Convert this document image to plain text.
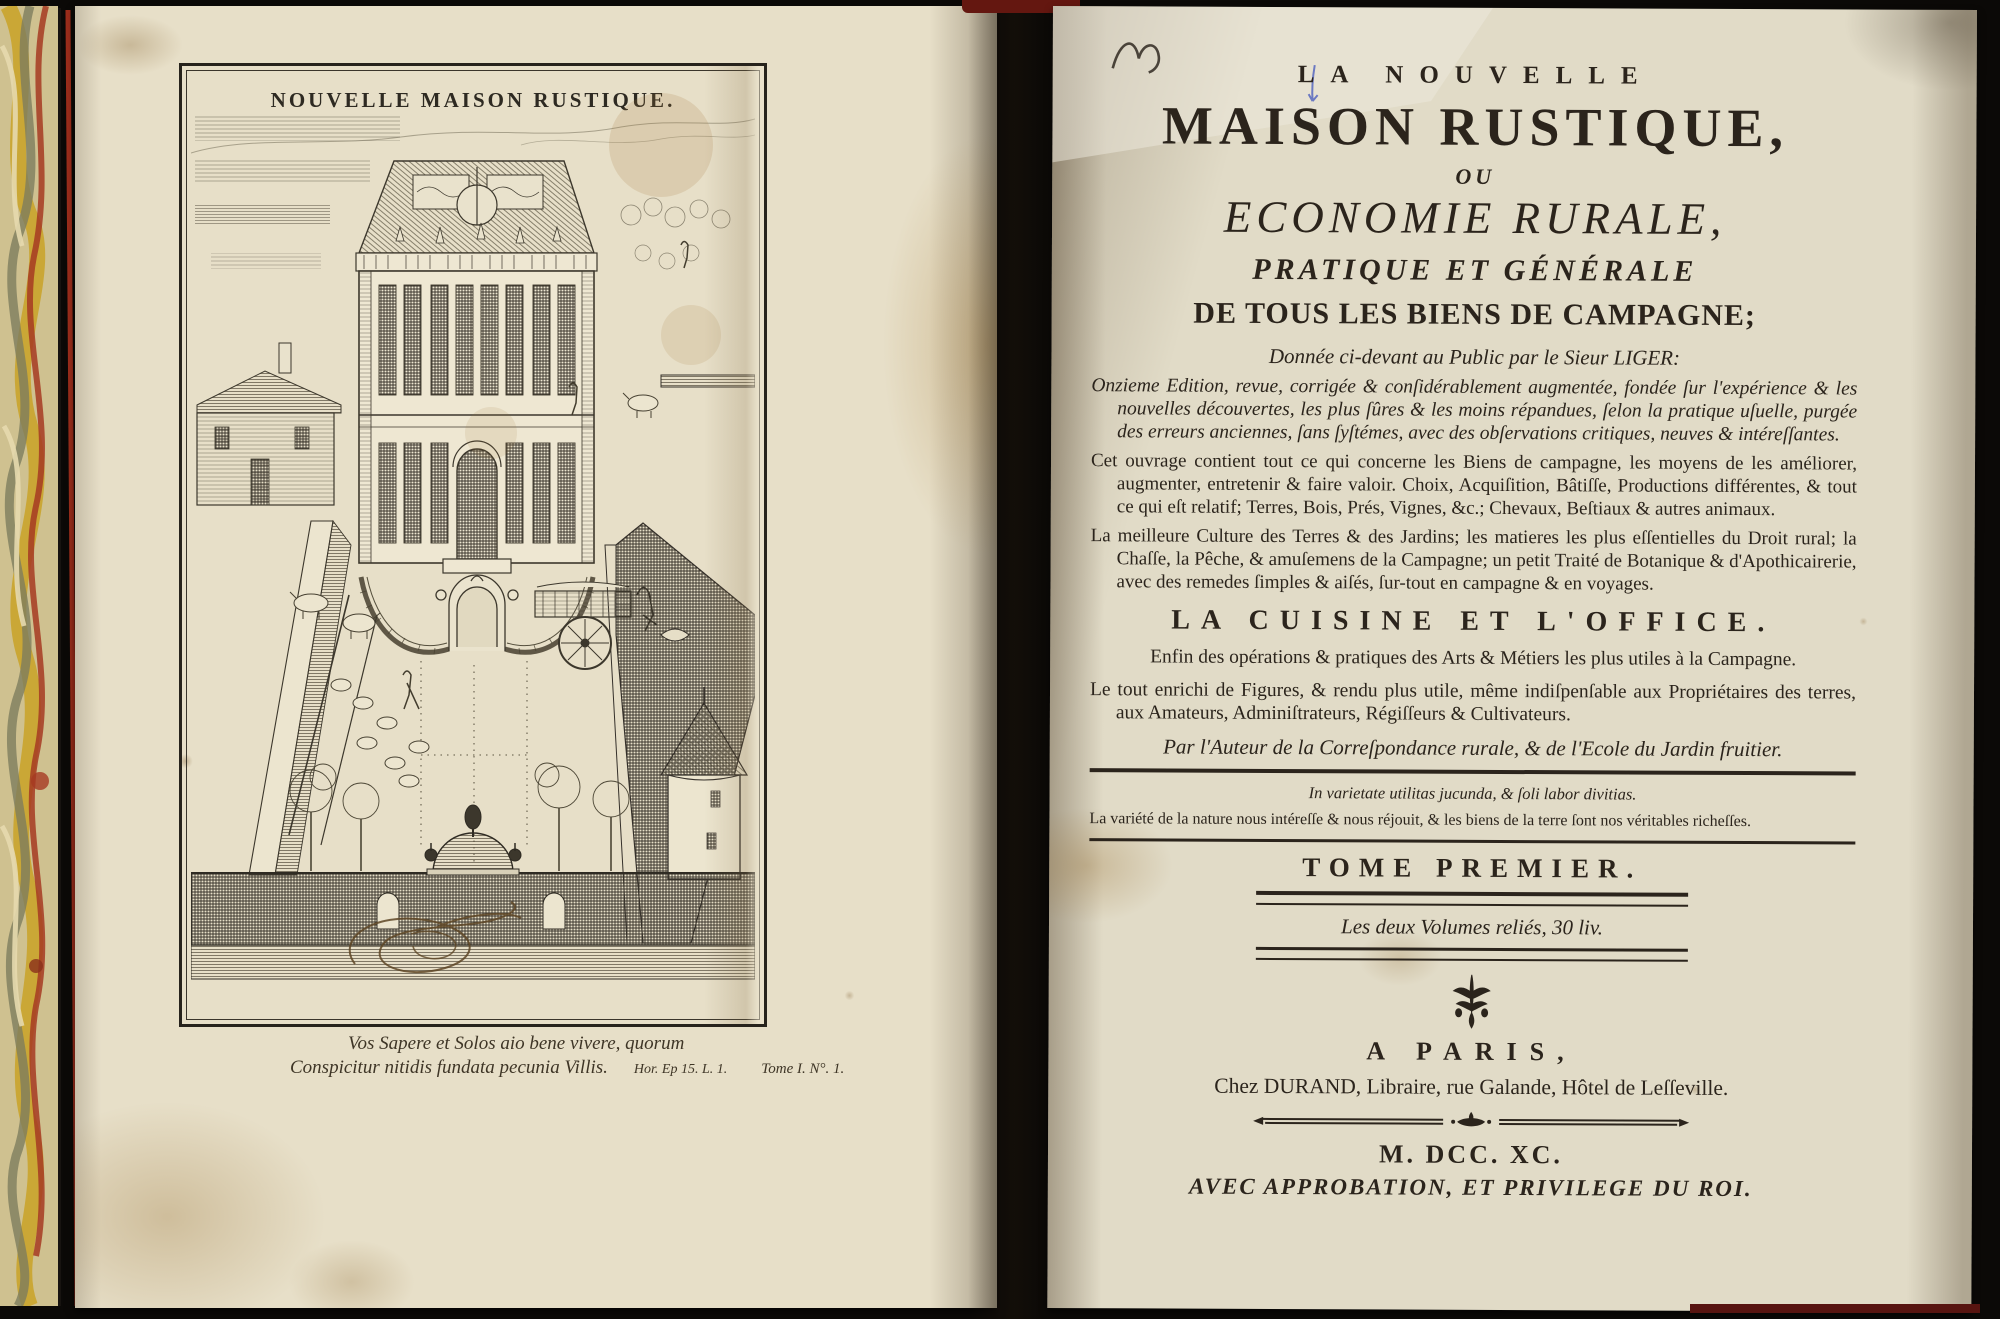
NOUVELLE MAISON RUSTIQUE.
Vos Sapere et Solos aio bene vivere, quorum
Conspicitur nitidis fundata pecunia Villis. Hor. Ep 15. L. 1. Tome I. N°. 1.
LA NOUVELLE
MAISON RUSTIQUE,
OU
ECONOMIE RURALE,
PRATIQUE ET GÉNÉRALE
DE TOUS LES BIENS DE CAMPAGNE;
Donnée ci-devant au Public par le Sieur LIGER:
Onzieme Edition, revue, corrigée & conſidérablement augmentée, fondée ſur l'expérience & les nouvelles découvertes, les plus ſûres & les moins répandues, ſelon la pratique uſuelle, purgée des erreurs anciennes, ſans ſyſtémes, avec des obſervations critiques, neuves & intéreſſantes.
Cet ouvrage contient tout ce qui concerne les Biens de campagne, les moyens de les améliorer, augmenter, entretenir & faire valoir. Choix, Acquiſition, Bâtiſſe, Productions différentes, & tout ce qui eſt relatif; Terres, Bois, Prés, Vignes, &c.; Chevaux, Beſtiaux & autres animaux.
La meilleure Culture des Terres & des Jardins; les matieres les plus eſſentielles du Droit rural; la Chaſſe, la Pêche, & amuſemens de la Campagne; un petit Traité de Botanique & d'Apothicairerie, avec des remedes ſimples & aiſés, ſur-tout en campagne & en voyages.
LA CUISINE ET L'OFFICE.
Enfin des opérations & pratiques des Arts & Métiers les plus utiles à la Campagne.
Le tout enrichi de Figures, & rendu plus utile, même indiſpenſable aux Propriétaires des terres, aux Amateurs, Adminiſtrateurs, Régiſſeurs & Cultivateurs.
Par l'Auteur de la Correſpondance rurale, & de l'Ecole du Jardin fruitier.
In varietate utilitas jucunda, & ſoli labor divitias.
La variété de la nature nous intéreſſe & nous réjouit, & les biens de la terre ſont nos véritables richeſſes.
TOME PREMIER.
Les deux Volumes reliés, 30 liv.
A PARIS,
Chez DURAND, Libraire, rue Galande, Hôtel de Leſſeville.
M. DCC. XC.
AVEC APPROBATION, ET PRIVILEGE DU ROI.
